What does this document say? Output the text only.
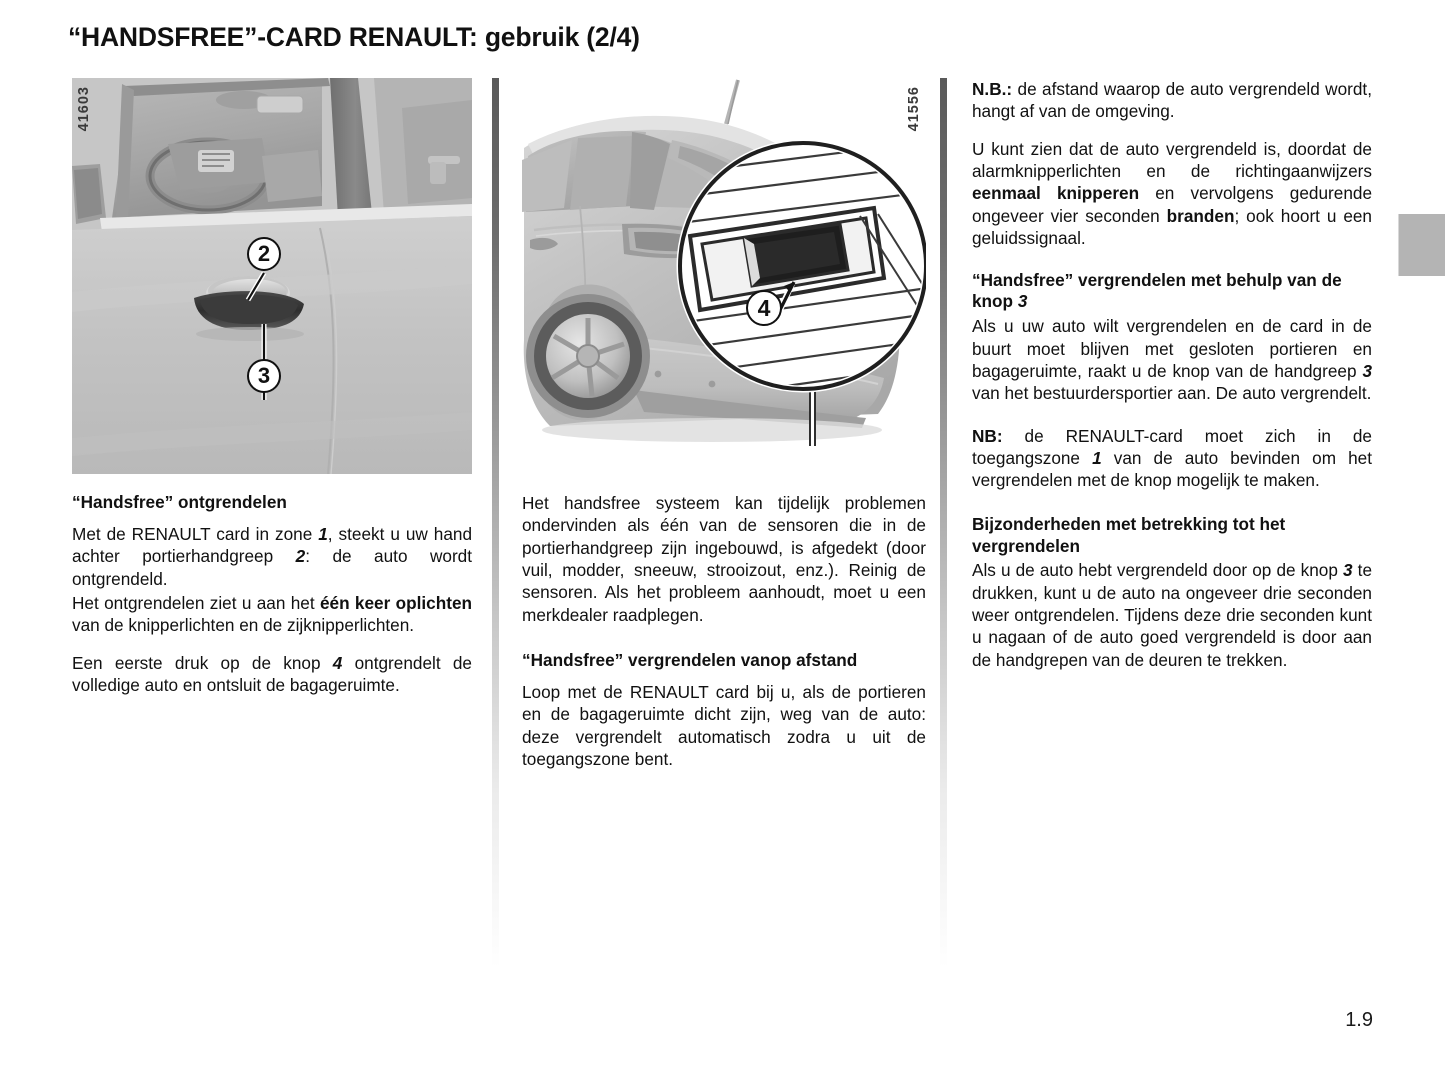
“HANDSFREE”-CARD RENAULT: gebruik (2/4)
41603
2
3
“Handsfree” ontgrendelen

Met de RENAULT card in zone 1, steekt u uw hand achter portierhandgreep 2: de auto wordt ontgrendeld.

Het ontgrendelen ziet u aan het één keer oplichten van de knipperlichten en de zijknipperlichten.

Een eerste druk op de knop 4 ontgrendelt de volledige auto en ontsluit de bagageruimte.

41556
4

Het handsfree systeem kan tijdelijk problemen ondervinden als één van de sensoren die in de portierhandgreep zijn ingebouwd, is afgedekt (door vuil, modder, sneeuw, strooizout, enz.). Reinig de sensoren. Als het probleem aanhoudt, moet u een merkdealer raadplegen.

“Handsfree” vergrendelen vanop afstand

Loop met de RENAULT card bij u, als de portieren en de bagageruimte dicht zijn, weg van de auto: deze vergrendelt automatisch zodra u uit de toegangszone bent.

N.B.: de afstand waarop de auto vergrendeld wordt, hangt af van de omgeving.

U kunt zien dat de auto vergrendeld is, doordat de alarmknipperlichten en de richtingaanwijzers eenmaal knipperen en vervolgens gedurende ongeveer vier seconden branden; ook hoort u een geluidssignaal.

“Handsfree” vergrendelen met behulp van de knop 3

Als u uw auto wilt vergrendelen en de card in de buurt moet blijven met gesloten portieren en bagageruimte, raakt u de knop van de handgreep 3 van het bestuurdersportier aan. De auto vergrendelt.

NB: de RENAULT-card moet zich in de toegangszone 1 van de auto bevinden om het vergrendelen met de knop mogelijk te maken.

Bijzonderheden met betrekking tot het vergrendelen

Als u de auto hebt vergrendeld door op de knop 3 te drukken, kunt u de auto na ongeveer drie seconden weer ontgrendelen. Tijdens deze drie seconden kunt u nagaan of de auto goed vergrendeld is door aan de handgrepen van de deuren te trekken.

1.9
